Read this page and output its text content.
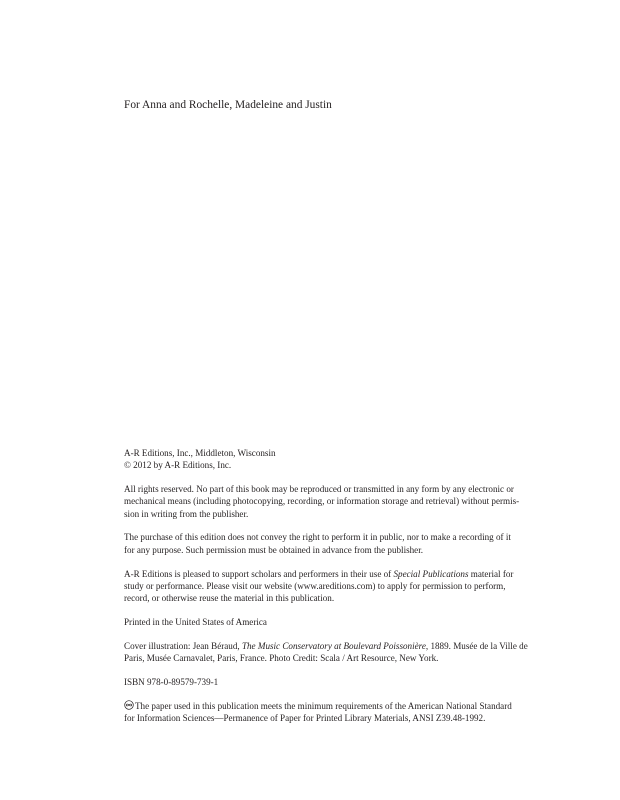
For Anna and Rochelle, Madeleine and Justin

A-R Editions, Inc., Middleton, Wisconsin
© 2012 by A-R Editions, Inc.

All rights reserved. No part of this book may be reproduced or transmitted in any form by any electronic or
mechanical means (including photocopying, recording, or information storage and retrieval) without permis-
sion in writing from the publisher.

The purchase of this edition does not convey the right to perform it in public, nor to make a recording of it
for any purpose. Such permission must be obtained in advance from the publisher.

A-R Editions is pleased to support scholars and performers in their use of Special Publications material for
study or performance. Please visit our website (www.areditions.com) to apply for permission to perform,
record, or otherwise reuse the material in this publication.

Printed in the United States of America

Cover illustration: Jean Béraud, The Music Conservatory at Boulevard Poissonière, 1889. Musée de la Ville de
Paris, Musée Carnavalet, Paris, France. Photo Credit: Scala / Art Resource, New York.

ISBN 978-0-89579-739-1

The paper used in this publication meets the minimum requirements of the American National Standard
for Information Sciences—Permanence of Paper for Printed Library Materials, ANSI Z39.48-1992.
